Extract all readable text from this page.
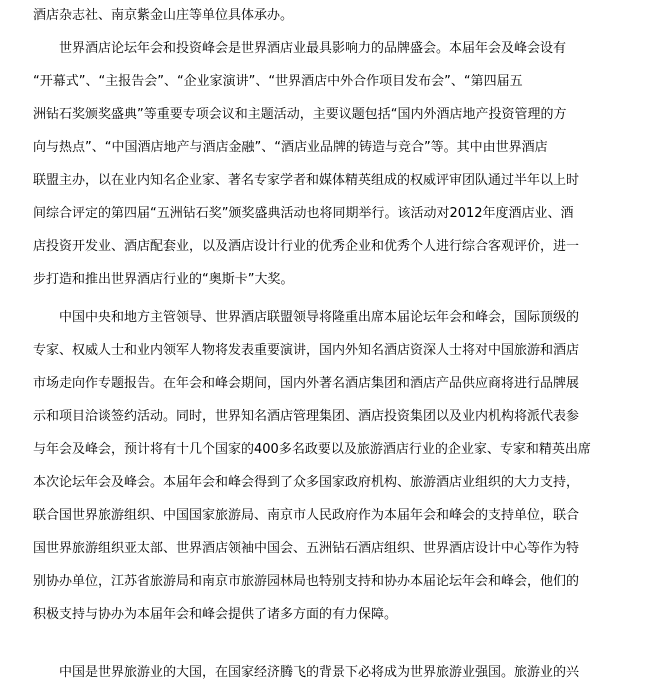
酒店杂志社、南京紫金山庄等单位具体承办。
世界酒店论坛年会和投资峰会是世界酒店业最具影响力的品牌盛会。本届年会及峰会设有
“开幕式”、“主报告会”、“企业家演讲”、“世界酒店中外合作项目发布会”、“第四届五
洲钻石奖颁奖盛典”等重要专项会议和主题活动，主要议题包括“国内外酒店地产投资管理的方
向与热点”、“中国酒店地产与酒店金融”、“酒店业品牌的铸造与竞合”等。其中由世界酒店
联盟主办，以在业内知名企业家、著名专家学者和媒体精英组成的权威评审团队通过半年以上时
间综合评定的第四届“五洲钻石奖”颁奖盛典活动也将同期举行。该活动对2012年度酒店业、酒
店投资开发业、酒店配套业，以及酒店设计行业的优秀企业和优秀个人进行综合客观评价，进一
步打造和推出世界酒店行业的“奥斯卡”大奖。
中国中央和地方主管领导、世界酒店联盟领导将隆重出席本届论坛年会和峰会，国际顶级的
专家、权威人士和业内领军人物将发表重要演讲，国内外知名酒店资深人士将对中国旅游和酒店
市场走向作专题报告。在年会和峰会期间，国内外著名酒店集团和酒店产品供应商将进行品牌展
示和项目洽谈签约活动。同时，世界知名酒店管理集团、酒店投资集团以及业内机构将派代表参
与年会及峰会，预计将有十几个国家的400多名政要以及旅游酒店行业的企业家、专家和精英出席
本次论坛年会及峰会。本届年会和峰会得到了众多国家政府机构、旅游酒店业组织的大力支持，
联合国世界旅游组织、中国国家旅游局、南京市人民政府作为本届年会和峰会的支持单位，联合
国世界旅游组织亚太部、世界酒店领袖中国会、五洲钻石酒店组织、世界酒店设计中心等作为特
别协办单位，江苏省旅游局和南京市旅游园林局也特别支持和协办本届论坛年会和峰会，他们的
积极支持与协办为本届年会和峰会提供了诸多方面的有力保障。
中国是世界旅游业的大国，在国家经济腾飞的背景下必将成为世界旅游业强国。旅游业的兴
